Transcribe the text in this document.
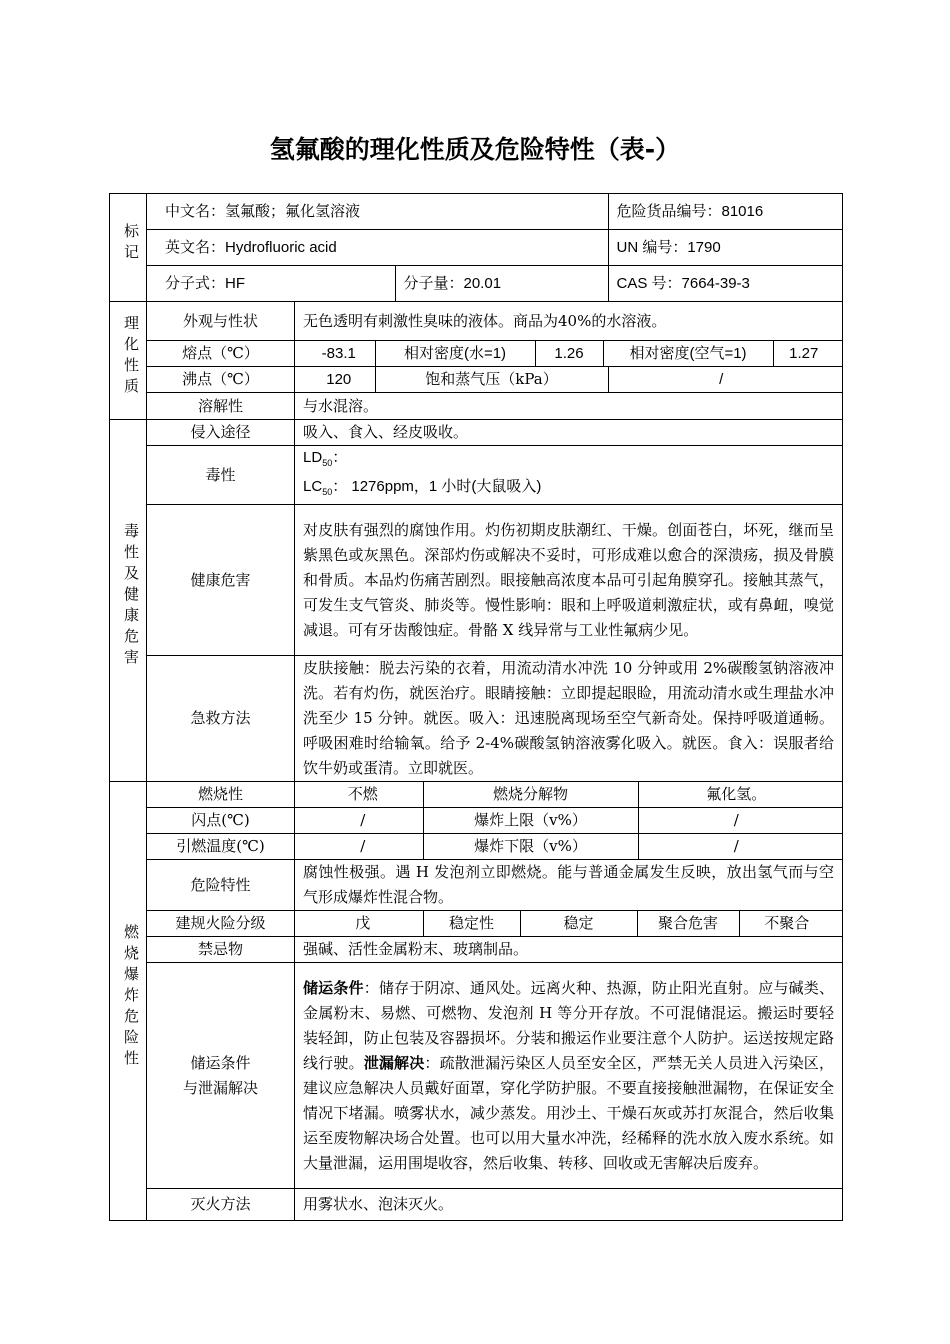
氢氟酸的理化性质及危险特性（表-）
标记	
中文名：氢氟酸；氟化氢溶液	危险货品编号：81016

英文名：Hydrofluoric acid	UN 编号：1790

分子式：HF	分子量：20.01	CAS 号：7664-39-3

理化性质	外观与性状	无色透明有刺激性臭味的液体。商品为40%的水溶液。
熔点（℃）		-83.1	相对密度(水=1)	1.26	相对密度(空气=1)	1.27

沸点（℃）		120	饱和蒸气压（kPa）	/

溶解性	与水混溶。
毒性及健康危害	侵入途径	吸入、食入、经皮吸收。
毒性	
$LD_{50}$：
$LC_{50}$： 1276ppm，1 小时(大鼠吸入)

健康危害	对皮肤有强烈的腐蚀作用。灼伤初期皮肤潮红、干燥。创面苍白，坏死，继而呈紫黑色或灰黑色。深部灼伤或解决不妥时，可形成难以愈合的深溃疡，损及骨膜和骨质。本品灼伤痛苦剧烈。眼接触高浓度本品可引起角膜穿孔。接触其蒸气，可发生支气管炎、肺炎等。慢性影响：眼和上呼吸道刺激症状，或有鼻衄，嗅觉减退。可有牙齿酸蚀症。骨骼 X 线异常与工业性氟病少见。
急救方法	皮肤接触：脱去污染的衣着，用流动清水冲洗 10 分钟或用 2%碳酸氢钠溶液冲洗。若有灼伤，就医治疗。眼睛接触：立即提起眼睑，用流动清水或生理盐水冲洗至少 15 分钟。就医。吸入：迅速脱离现场至空气新奇处。保持呼吸道通畅。呼吸困难时给输氧。给予 2-4%碳酸氢钠溶液雾化吸入。就医。食入：误服者给饮牛奶或蛋清。立即就医。
燃烧爆炸危险性	燃烧性		不燃	燃烧分解物	氟化氢。

闪点(℃)		/	爆炸上限（v%）	/

引燃温度(℃)		/	爆炸下限（v%）	/

危险特性	腐蚀性极强。遇 H 发泡剂立即燃烧。能与普通金属发生反映，放出氢气而与空气形成爆炸性混合物。
建规火险分级		戊	稳定性	稳定	聚合危害	不聚合

禁忌物	强碱、活性金属粉末、玻璃制品。

储运条件
与泄漏解决
	储运条件：储存于阴凉、通风处。远离火种、热源，防止阳光直射。应与碱类、金属粉末、易燃、可燃物、发泡剂 H 等分开存放。不可混储混运。搬运时要轻装轻卸，防止包装及容器损坏。分装和搬运作业要注意个人防护。运送按规定路线行驶。泄漏解决：疏散泄漏污染区人员至安全区，严禁无关人员进入污染区，建议应急解决人员戴好面罩，穿化学防护服。不要直接接触泄漏物，在保证安全情况下堵漏。喷雾状水，减少蒸发。用沙土、干燥石灰或苏打灰混合，然后收集运至废物解决场合处置。也可以用大量水冲洗，经稀释的洗水放入废水系统。如大量泄漏，运用围堤收容，然后收集、转移、回收或无害解决后废弃。
灭火方法	用雾状水、泡沫灭火。
